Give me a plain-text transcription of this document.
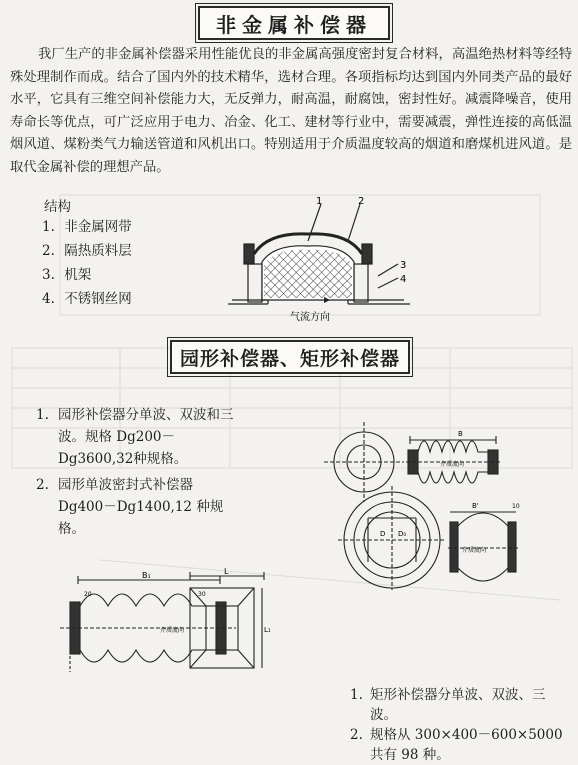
非金属补偿器
我厂生产的非金属补偿器采用性能优良的非金属高强度密封复合材料，高温绝热材料等经特殊处理制作而成。结合了国内外的技术精华，选材合理。各项指标均达到国内外同类产品的最好水平，它具有三维空间补偿能力大，无反弹力，耐高温，耐腐蚀，密封性好。减震降噪音，使用寿命长等优点，可广泛应用于电力、冶金、化工、建材等行业中，需要减震，弹性连接的高低温烟风道、煤粉类气力输送管道和风机出口。特别适用于介质温度较高的烟道和磨煤机进风道。是取代金属补偿的理想产品。
结构
1. 非金属网带
2. 隔热质料层
3. 机架
4. 不锈钢丝网
1	2
3
4
气流方向
园形补偿器、矩形补偿器
1. 园形补偿器分单波、双波和三波。规格 Dg200－Dg3600,32种规格。
2. 园形单波密封式补偿器 Dg400－Dg1400,12 种规格。
介质流向
B
D D₀
B'
介质流向
10
B₁
20	30
介质流向
L
L₁
1. 矩形补偿器分单波、双波、三波。
2. 规格从 300×400－600×5000 共有 98 种。
